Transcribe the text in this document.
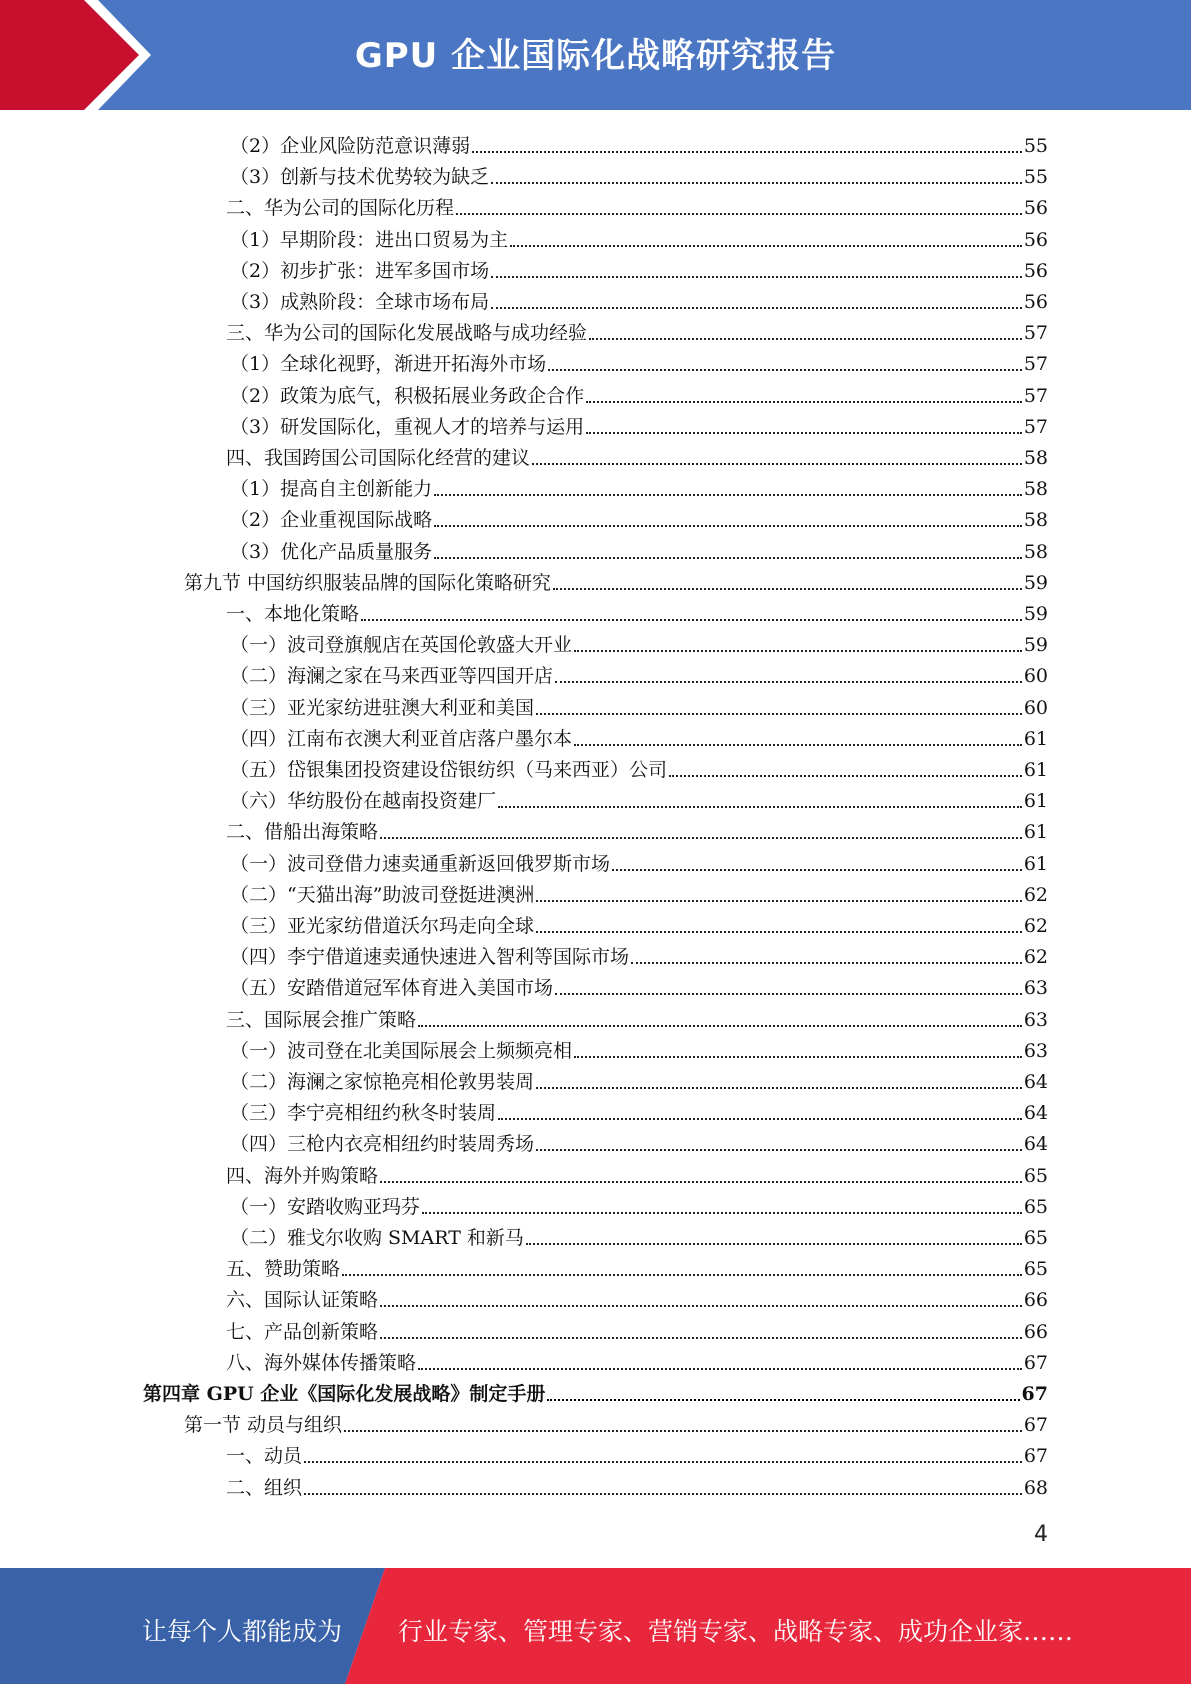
GPU 企业国际化战略研究报告
（2）企业风险防范意识薄弱	55
（3）创新与技术优势较为缺乏	55
二、华为公司的国际化历程	56
（1）早期阶段：进出口贸易为主	56
（2）初步扩张：进军多国市场	56
（3）成熟阶段：全球市场布局	56
三、华为公司的国际化发展战略与成功经验	57
（1）全球化视野，渐进开拓海外市场	57
（2）政策为底气，积极拓展业务政企合作	57
（3）研发国际化，重视人才的培养与运用	57
四、我国跨国公司国际化经营的建议	58
（1）提高自主创新能力	58
（2）企业重视国际战略	58
（3）优化产品质量服务	58
第九节 中国纺织服装品牌的国际化策略研究	59
一、本地化策略	59
（一）波司登旗舰店在英国伦敦盛大开业	59
（二）海澜之家在马来西亚等四国开店	60
（三）亚光家纺进驻澳大利亚和美国	60
（四）江南布衣澳大利亚首店落户墨尔本	61
（五）岱银集团投资建设岱银纺织（马来西亚）公司	61
（六）华纺股份在越南投资建厂	61
二、借船出海策略	61
（一）波司登借力速卖通重新返回俄罗斯市场	61
（二）“天猫出海”助波司登挺进澳洲	62
（三）亚光家纺借道沃尔玛走向全球	62
（四）李宁借道速卖通快速进入智利等国际市场	62
（五）安踏借道冠军体育进入美国市场	63
三、国际展会推广策略	63
（一）波司登在北美国际展会上频频亮相	63
（二）海澜之家惊艳亮相伦敦男装周	64
（三）李宁亮相纽约秋冬时装周	64
（四）三枪内衣亮相纽约时装周秀场	64
四、海外并购策略	65
（一）安踏收购亚玛芬	65
（二）雅戈尔收购 SMART 和新马	65
五、赞助策略	65
六、国际认证策略	66
七、产品创新策略	66
八、海外媒体传播策略	67
第四章 GPU 企业《国际化发展战略》制定手册	67
第一节 动员与组织	67
一、动员	67
二、组织	68
4
让每个人都能成为 行业专家、管理专家、营销专家、战略专家、成功企业家……
